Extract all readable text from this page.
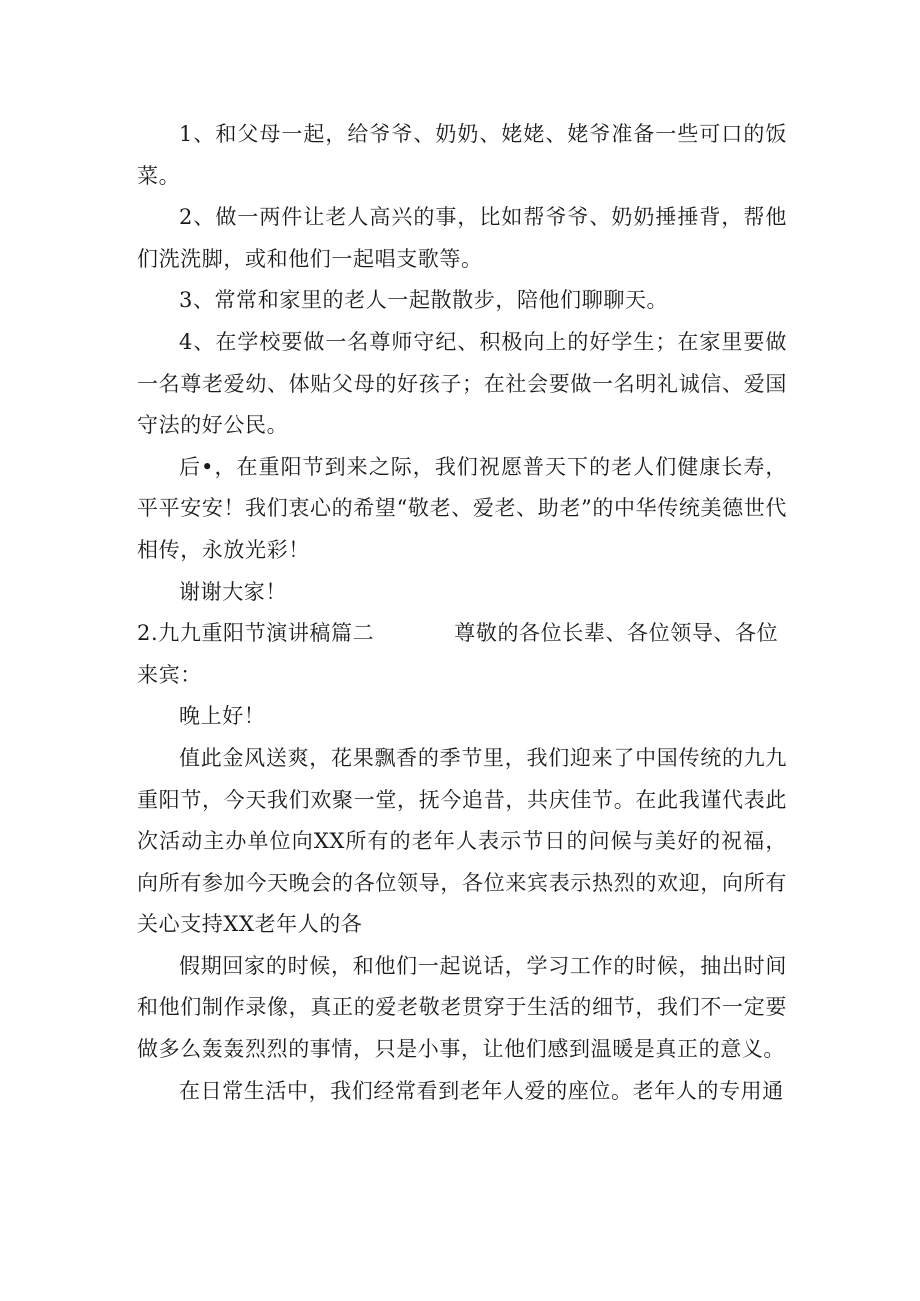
1、和父母一起，给爷爷、奶奶、姥姥、姥爷准备一些可口的饭菜。

2、做一两件让老人高兴的事，比如帮爷爷、奶奶捶捶背，帮他们洗洗脚，或和他们一起唱支歌等。

3、常常和家里的老人一起散散步，陪他们聊聊天。

4、在学校要做一名尊师守纪、积极向上的好学生；在家里要做一名尊老爱幼、体贴父母的好孩子；在社会要做一名明礼诚信、爱国守法的好公民。

后•，在重阳节到来之际，我们祝愿普天下的老人们健康长寿，平平安安！我们衷心的希望“敬老、爱老、助老”的中华传统美德世代相传，永放光彩！

谢谢大家！

2.九九重阳节演讲稿篇二	尊敬的各位长辈、各位领导、各位来宾：

晚上好！

值此金风送爽，花果飘香的季节里，我们迎来了中国传统的九九重阳节，今天我们欢聚一堂，抚今追昔，共庆佳节。在此我谨代表此次活动主办单位向XX所有的老年人表示节日的问候与美好的祝福，向所有参加今天晚会的各位领导，各位来宾表示热烈的欢迎，向所有关心支持XX老年人的各

假期回家的时候，和他们一起说话，学习工作的时候，抽出时间和他们制作录像，真正的爱老敬老贯穿于生活的细节，我们不一定要做多么轰轰烈烈的事情，只是小事，让他们感到温暖是真正的意义。

在日常生活中，我们经常看到老年人爱的座位。老年人的专用通
